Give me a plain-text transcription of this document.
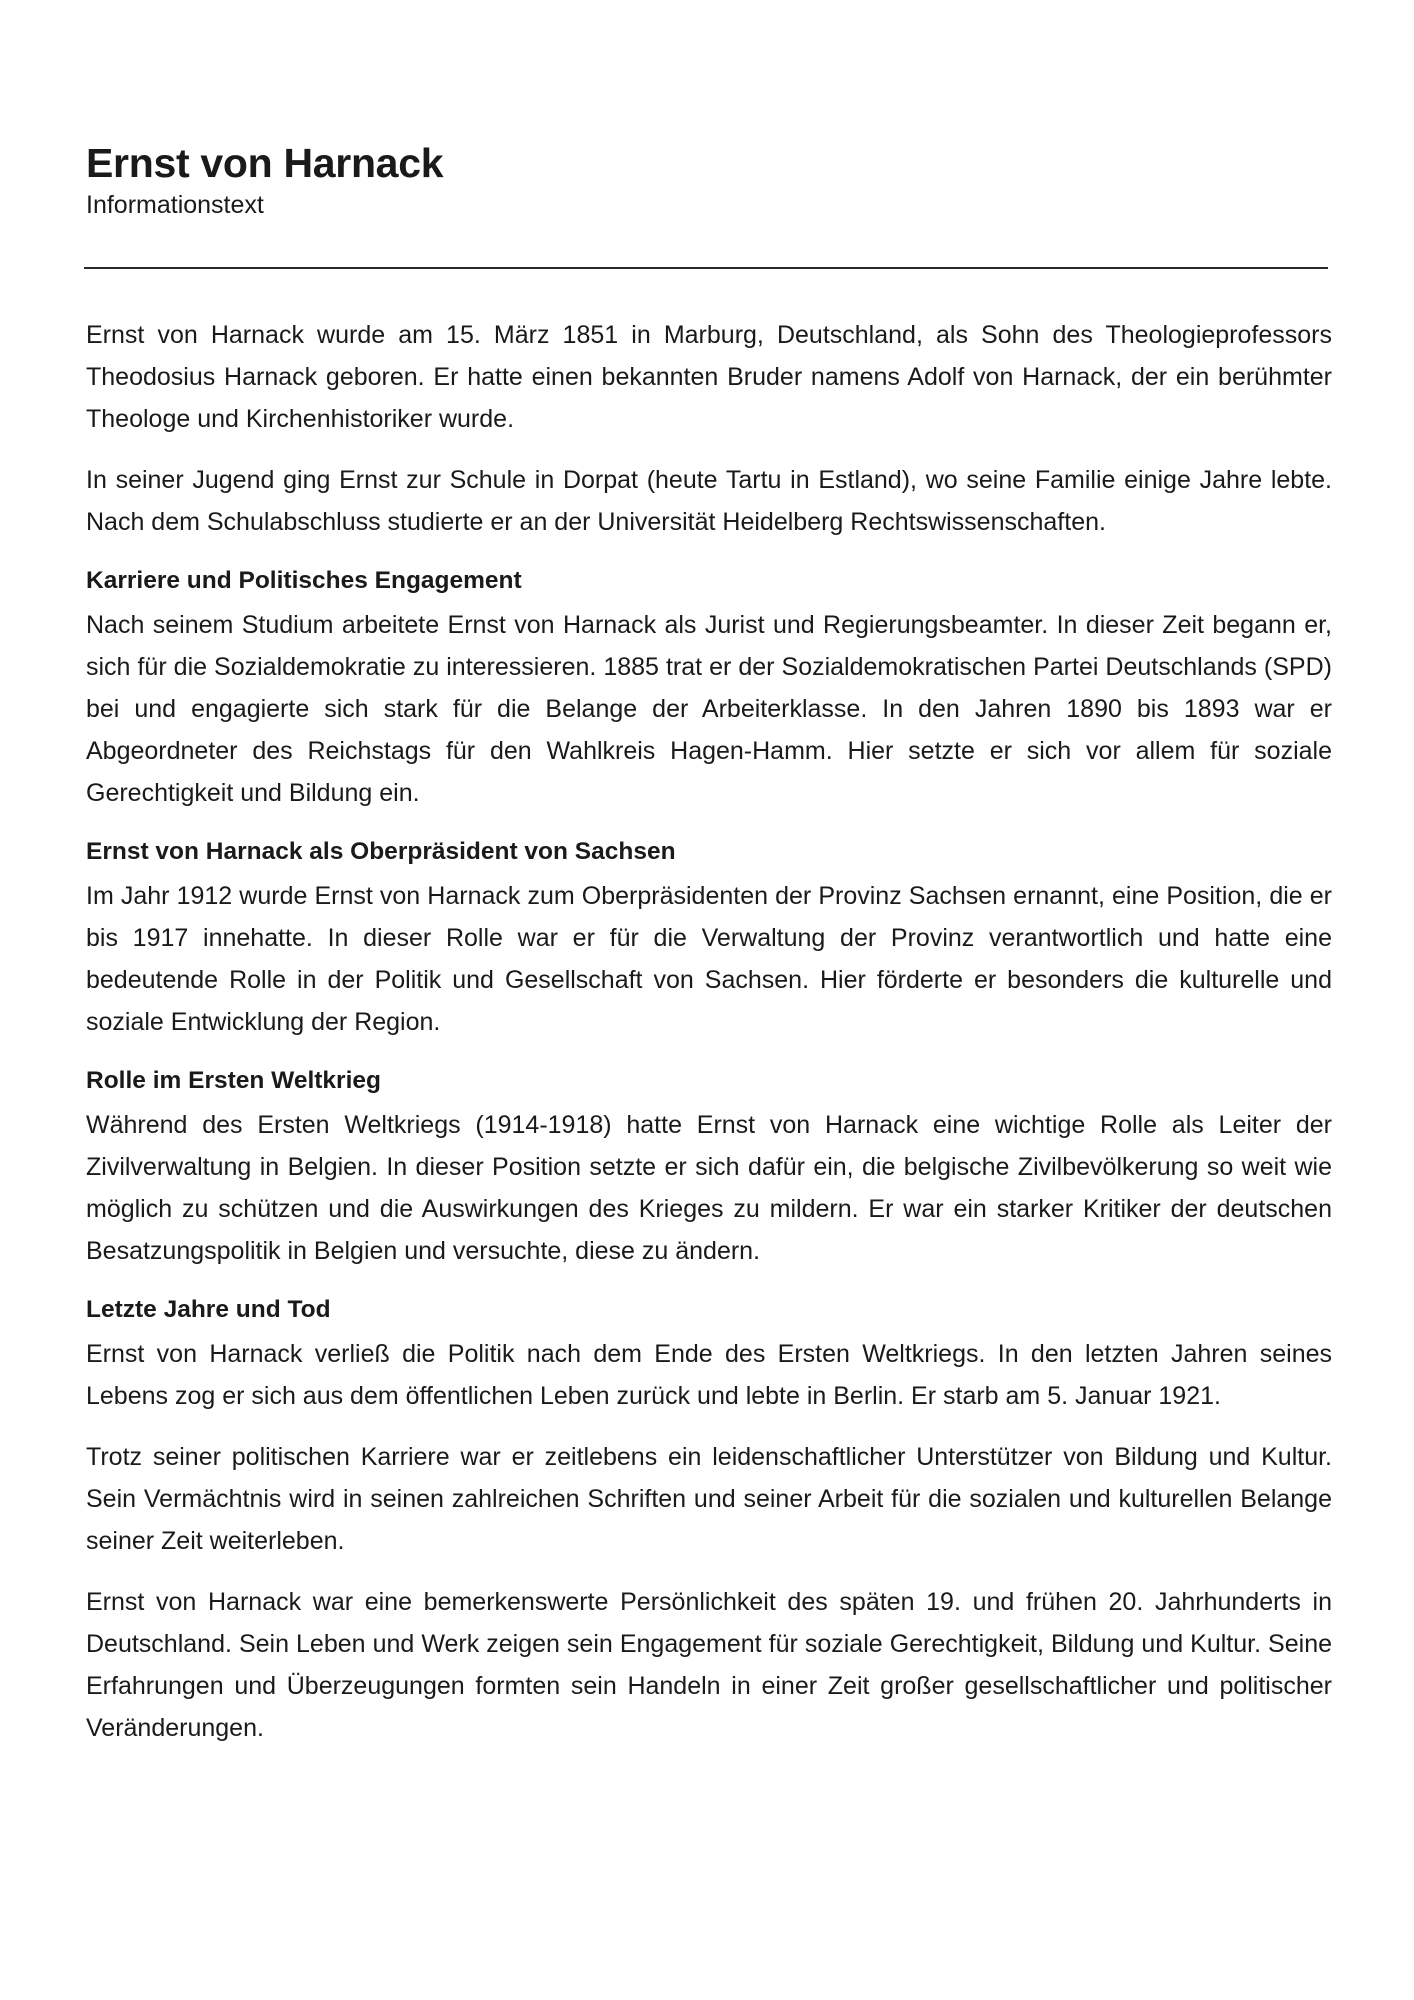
Ernst von Harnack

Informationstext

Ernst von Harnack wurde am 15. März 1851 in Marburg, Deutschland, als Sohn des Theologieprofessors Theodosius Harnack geboren. Er hatte einen bekannten Bruder namens Adolf von Harnack, der ein berühmter Theologe und Kirchenhistoriker wurde.

In seiner Jugend ging Ernst zur Schule in Dorpat (heute Tartu in Estland), wo seine Familie einige Jahre lebte. Nach dem Schulabschluss studierte er an der Universität Heidelberg Rechtswissenschaften.

Karriere und Politisches Engagement

Nach seinem Studium arbeitete Ernst von Harnack als Jurist und Regierungsbeamter. In dieser Zeit begann er, sich für die Sozialdemokratie zu interessieren. 1885 trat er der Sozialdemokratischen Partei Deutschlands (SPD) bei und engagierte sich stark für die Belange der Arbeiterklasse. In den Jahren 1890 bis 1893 war er Abgeordneter des Reichstags für den Wahlkreis Hagen-Hamm. Hier setzte er sich vor allem für soziale Gerechtigkeit und Bildung ein.

Ernst von Harnack als Oberpräsident von Sachsen

Im Jahr 1912 wurde Ernst von Harnack zum Oberpräsidenten der Provinz Sachsen ernannt, eine Position, die er bis 1917 innehatte. In dieser Rolle war er für die Verwaltung der Provinz verantwortlich und hatte eine bedeutende Rolle in der Politik und Gesellschaft von Sachsen. Hier förderte er besonders die kulturelle und soziale Entwicklung der Region.

Rolle im Ersten Weltkrieg

Während des Ersten Weltkriegs (1914-1918) hatte Ernst von Harnack eine wichtige Rolle als Leiter der Zivilverwaltung in Belgien. In dieser Position setzte er sich dafür ein, die belgische Zivilbevölkerung so weit wie möglich zu schützen und die Auswirkungen des Krieges zu mildern. Er war ein starker Kritiker der deutschen Besatzungspolitik in Belgien und versuchte, diese zu ändern.

Letzte Jahre und Tod

Ernst von Harnack verließ die Politik nach dem Ende des Ersten Weltkriegs. In den letzten Jahren seines Lebens zog er sich aus dem öffentlichen Leben zurück und lebte in Berlin. Er starb am 5. Januar 1921.

Trotz seiner politischen Karriere war er zeitlebens ein leidenschaftlicher Unterstützer von Bildung und Kultur. Sein Vermächtnis wird in seinen zahlreichen Schriften und seiner Arbeit für die sozialen und kulturellen Belange seiner Zeit weiterleben.

Ernst von Harnack war eine bemerkenswerte Persönlichkeit des späten 19. und frühen 20. Jahrhunderts in Deutschland. Sein Leben und Werk zeigen sein Engagement für soziale Gerechtigkeit, Bildung und Kultur. Seine Erfahrungen und Überzeugungen formten sein Handeln in einer Zeit großer gesellschaftlicher und politischer Veränderungen.
